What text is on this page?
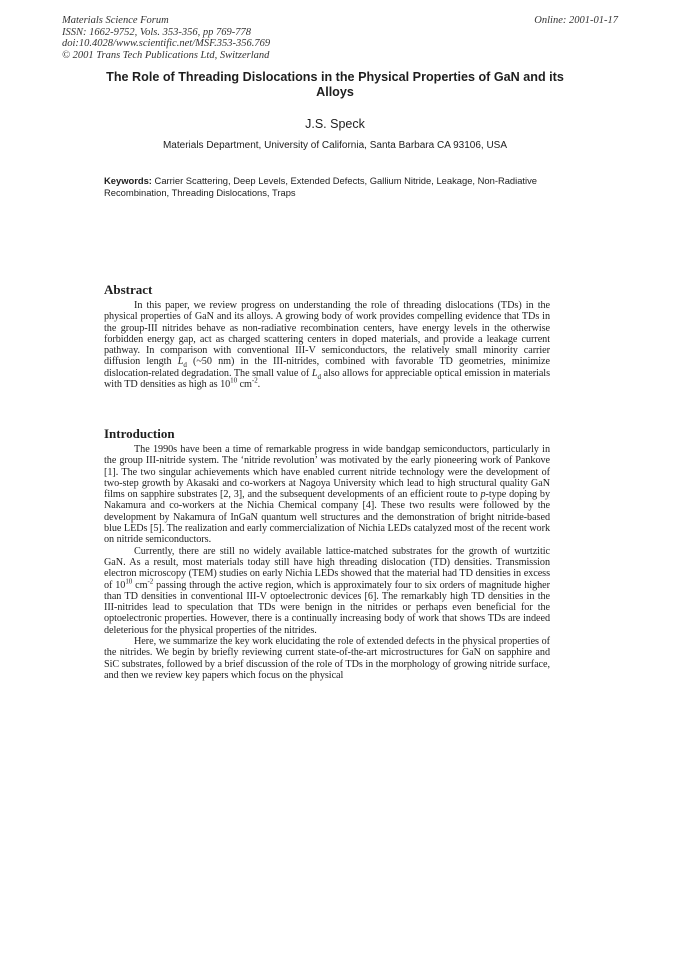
Materials Science Forum
ISSN: 1662-9752, Vols. 353-356, pp 769-778
doi:10.4028/www.scientific.net/MSF.353-356.769
© 2001 Trans Tech Publications Ltd, Switzerland
Online: 2001-01-17
The Role of Threading Dislocations in the Physical Properties of GaN and its Alloys
J.S. Speck
Materials Department, University of California, Santa Barbara CA 93106, USA
Keywords: Carrier Scattering, Deep Levels, Extended Defects, Gallium Nitride, Leakage, Non-Radiative Recombination, Threading Dislocations, Traps
Abstract

In this paper, we review progress on understanding the role of threading dislocations (TDs) in the physical properties of GaN and its alloys. A growing body of work provides compelling evidence that TDs in the group-III nitrides behave as non-radiative recombination centers, have energy levels in the otherwise forbidden energy gap, act as charged scattering centers in doped materials, and provide a leakage current pathway. In comparison with conventional III-V semiconductors, the relatively small minority carrier diffusion length $L_d$ (~50 nm) in the III-nitrides, combined with favorable TD geometries, minimize dislocation-related degradation. The small value of $L_d$ also allows for appreciable optical emission in materials with TD densities as high as $10^{10}$ $cm^{-2}$.

Introduction

The 1990s have been a time of remarkable progress in wide bandgap semiconductors, particularly in the group III-nitride system. The ‘nitride revolution’ was motivated by the early pioneering work of Pankove [1]. The two singular achievements which have enabled current nitride technology were the development of two-step growth by Akasaki and co-workers at Nagoya University which lead to high structural quality GaN films on sapphire substrates [2, 3], and the subsequent developments of an efficient route to p-type doping by Nakamura and co-workers at the Nichia Chemical company [4]. These two results were followed by the development by Nakamura of InGaN quantum well structures and the demonstration of bright nitride-based blue LEDs [5]. The realization and early commercialization of Nichia LEDs catalyzed most of the recent work on nitride semiconductors.

Currently, there are still no widely available lattice-matched substrates for the growth of wurtzitic GaN. As a result, most materials today still have high threading dislocation (TD) densities. Transmission electron microscopy (TEM) studies on early Nichia LEDs showed that the material had TD densities in excess of $10^{10}$ $cm^{-2}$ passing through the active region, which is approximately four to six orders of magnitude higher than TD densities in conventional III-V optoelectronic devices [6]. The remarkably high TD densities in the III-nitrides lead to speculation that TDs were benign in the nitrides or perhaps even beneficial for the optoelectronic properties. However, there is a continually increasing body of work that shows TDs are indeed deleterious for the physical properties of the nitrides.

Here, we summarize the key work elucidating the role of extended defects in the physical properties of the nitrides. We begin by briefly reviewing current state-of-the-art microstructures for GaN on sapphire and SiC substrates, followed by a brief discussion of the role of TDs in the morphology of growing nitride surface, and then we review key papers which focus on the physical
